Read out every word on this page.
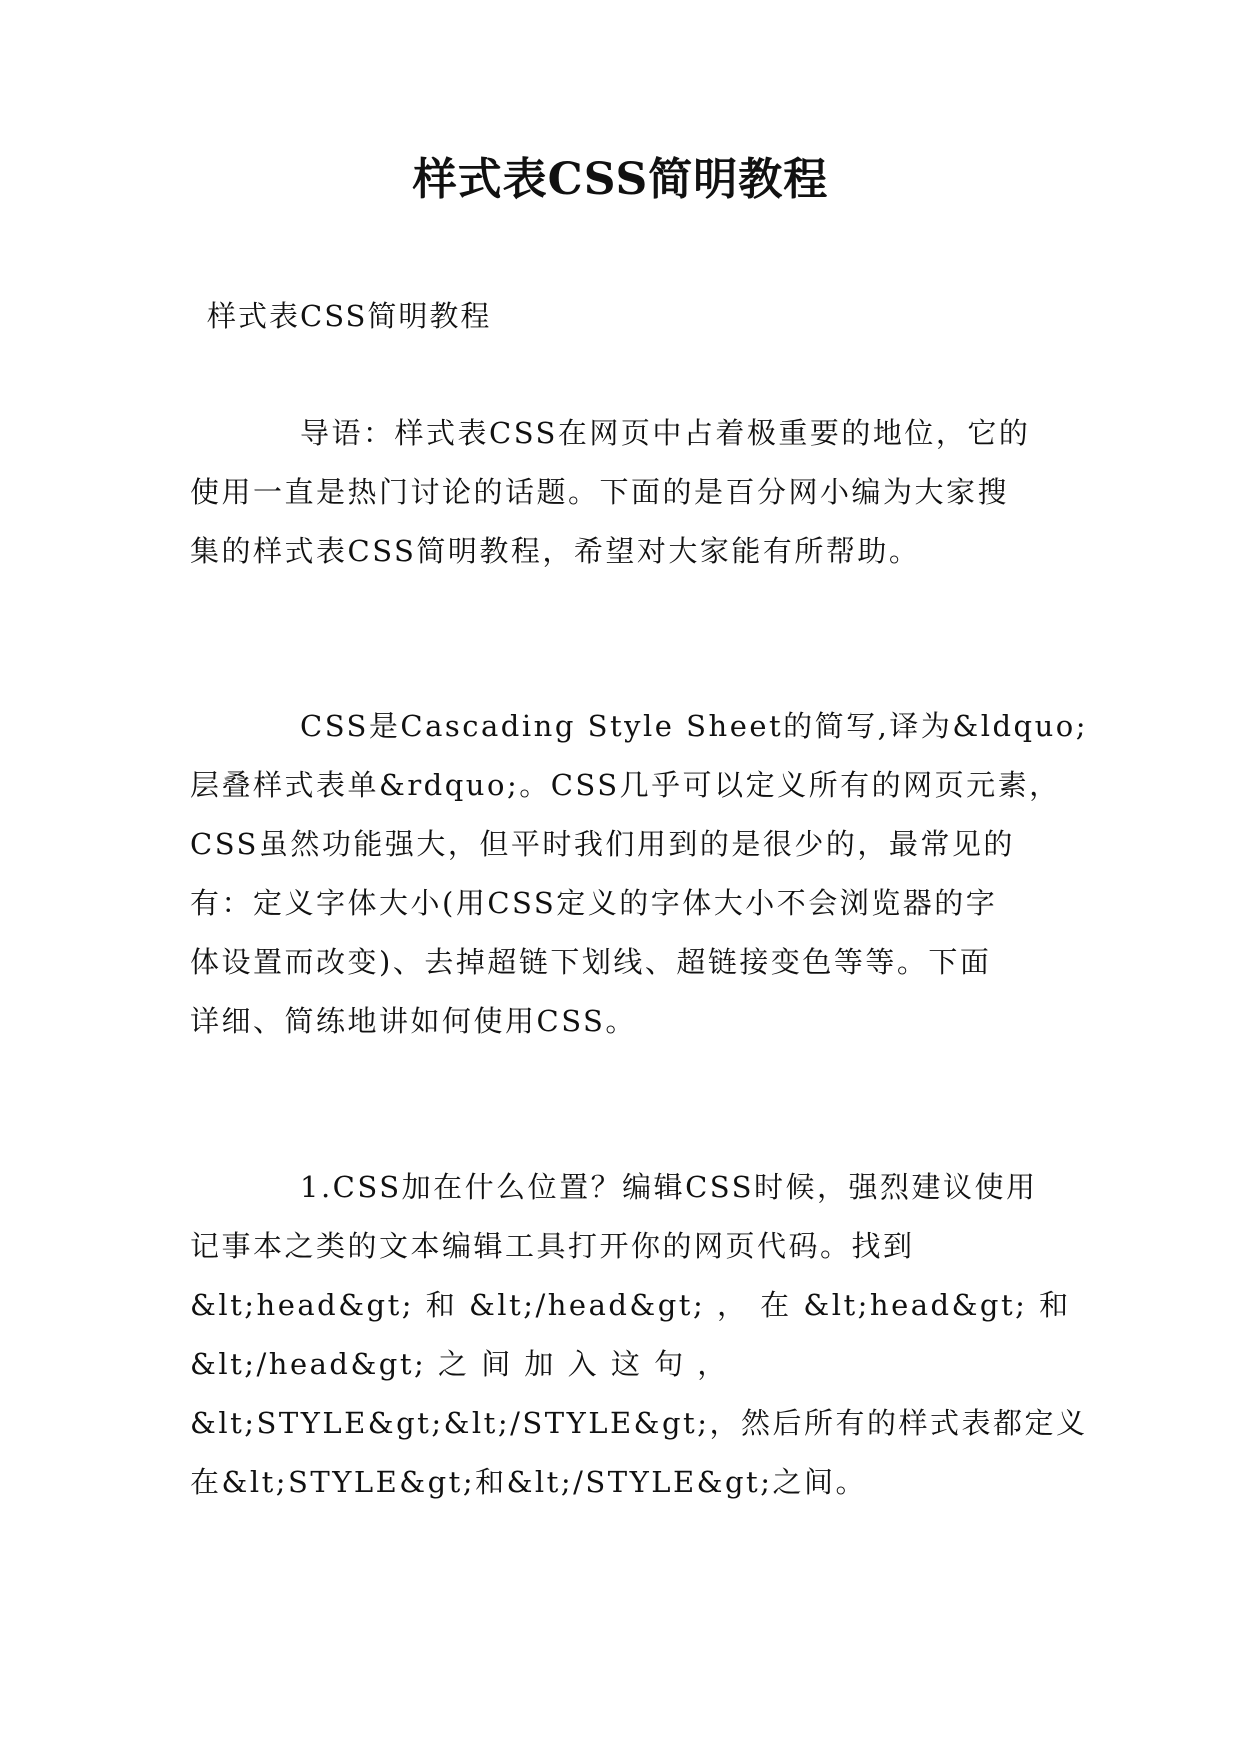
样式表CSS简明教程
样式表CSS简明教程
导语：样式表CSS在网页中占着极重要的地位，它的
使用一直是热门讨论的话题。下面的是百分网小编为大家搜
集的样式表CSS简明教程，希望对大家能有所帮助。
CSS是Cascading Style Sheet的简写,译为&ldquo;
层叠样式表单&rdquo;。CSS几乎可以定义所有的网页元素，
CSS虽然功能强大，但平时我们用到的是很少的，最常见的
有：定义字体大小(用CSS定义的字体大小不会浏览器的字
体设置而改变)、去掉超链下划线、超链接变色等等。下面
详细、简练地讲如何使用CSS。
1.CSS加在什么位置？编辑CSS时候，强烈建议使用
记事本之类的文本编辑工具打开你的网页代码。找到
&lt;head&gt; 和 &lt;/head&gt; ， 在 &lt;head&gt; 和
&lt;/head&gt; 之 间 加 入 这 句 ，
&lt;STYLE&gt;&lt;/STYLE&gt;，然后所有的样式表都定义
在&lt;STYLE&gt;和&lt;/STYLE&gt;之间。
